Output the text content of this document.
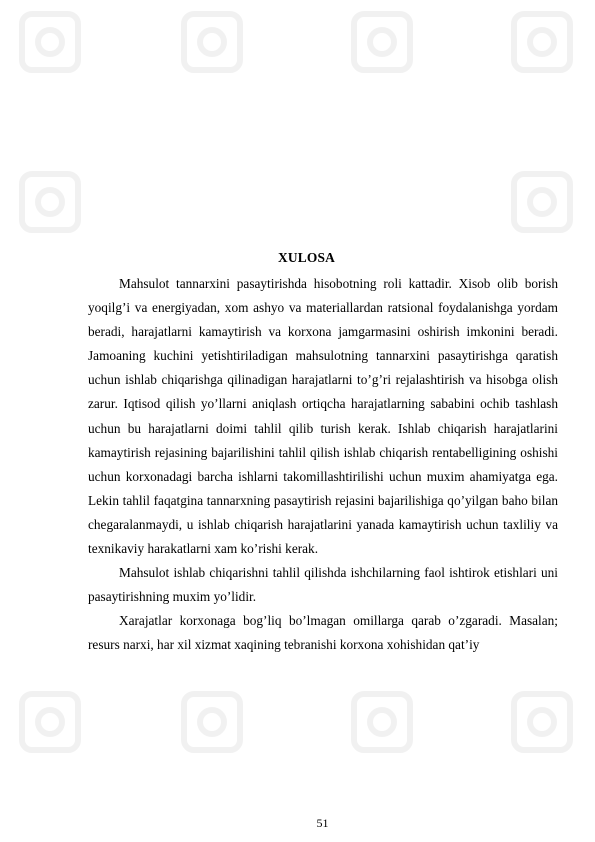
XULOSA

Mahsulot tannarxini pasaytirishda hisobotning roli kattadir. Xisob olib borish yoqilg’i va energiyadan, xom ashyo va materiallardan ratsional foydalanishga yordam beradi, harajatlarni kamaytirish va korxona jamgarmasini oshirish imkonini beradi. Jamoaning kuchini yetishtiriladigan mahsulotning tannarxini pasaytirishga qaratish uchun ishlab chiqarishga qilinadigan harajatlarni to’g’ri rejalashtirish va hisobga olish zarur. Iqtisod qilish yo’llarni aniqlash ortiqcha harajatlarning sababini ochib tashlash uchun bu harajatlarni doimi tahlil qilib turish kerak. Ishlab chiqarish harajatlarini kamaytirish rejasining bajarilishini tahlil qilish ishlab chiqarish rentabelligining oshishi uchun korxonadagi barcha ishlarni takomillashtirilishi uchun muxim ahamiyatga ega. Lekin tahlil faqatgina tannarxning pasaytirish rejasini bajarilishiga qo’yilgan baho bilan chegaralanmaydi, u ishlab chiqarish harajatlarini yanada kamaytirish uchun taxliliy va texnikaviy harakatlarni xam ko’rishi kerak.

Mahsulot ishlab chiqarishni tahlil qilishda ishchilarning faol ishtirok etishlari uni pasaytirishning muxim yo’lidir.

Xarajatlar korxonaga bog’liq bo’lmagan omillarga qarab o’zgaradi. Masalan; resurs narxi, har xil xizmat xaqining tebranishi korxona xohishidan qat’iy

51
